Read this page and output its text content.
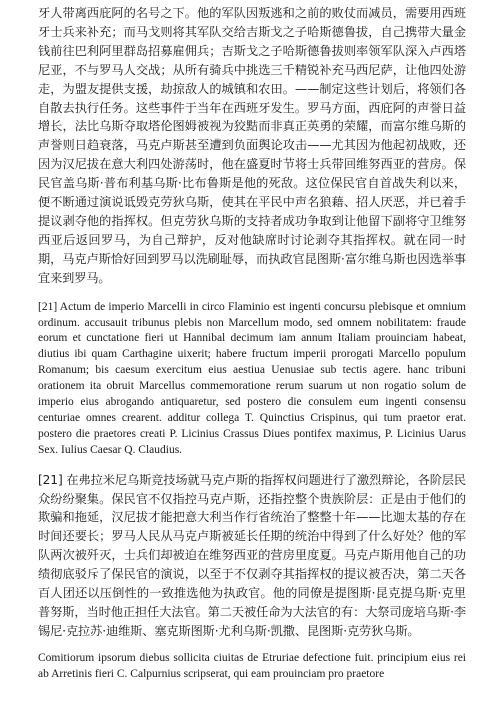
牙人带离西庇阿的名号之下。他的军队因叛逃和之前的败仗而减员，需要用西班牙士兵来补充；而马戈则将其军队交给吉斯戈之子哈斯德鲁拔，自己携带大量金钱前往巴利阿里群岛招募雇佣兵；吉斯戈之子哈斯德鲁拔则率领军队深入卢西塔尼亚，不与罗马人交战；从所有骑兵中挑选三千精锐补充马西尼萨，让他四处游走，为盟友提供支援，劫掠敌人的城镇和农田。——制定这些计划后，将领们各自散去执行任务。这些事件于当年在西班牙发生。罗马方面，西庇阿的声誉日益增长，法比乌斯夺取塔伦图姆被视为狡黠而非真正英勇的荣耀，而富尔维乌斯的声誉则日趋衰落，马克卢斯甚至遭到负面舆论攻击——尤其因为他起初战败，还因为汉尼拔在意大利四处游荡时，他在盛夏时节将士兵带回维努西亚的营房。保民官盖乌斯·普布利基乌斯·比布鲁斯是他的死敌。这位保民官自首战失利以来，便不断通过演说诋毁克劳狄乌斯，使其在平民中声名狼藉、招人厌恶，并已着手提议剥夺他的指挥权。但克劳狄乌斯的支持者成功争取到让他留下副将守卫维努西亚后返回罗马，为自己辩护，反对他缺席时讨论剥夺其指挥权。就在同一时期，马克卢斯恰好回到罗马以洗刷耻辱，而执政官昆图斯·富尔维乌斯也因选举事宜来到罗马。

[21] Actum de imperio Marcelli in circo Flaminio est ingenti concursu plebisque et omnium ordinum. accusauit tribunus plebis non Marcellum modo, sed omnem nobilitatem: fraude eorum et cunctatione fieri ut Hannibal decimum iam annum Italiam prouinciam habeat, diutius ibi quam Carthagine uixerit; habere fructum imperii prorogati Marcello populum Romanum; bis caesum exercitum eius aestiua Uenusiae sub tectis agere. hanc tribuni orationem ita obruit Marcellus commemoratione rerum suarum ut non rogatio solum de imperio eius abrogando antiquaretur, sed postero die consulem eum ingenti consensu centuriae omnes crearent. additur collega T. Quinctius Crispinus, qui tum praetor erat. postero die praetores creati P. Licinius Crassus Diues pontifex maximus, P. Licinius Uarus Sex. Iulius Caesar Q. Claudius.

[21] 在弗拉米尼乌斯竞技场就马克卢斯的指挥权问题进行了激烈辩论，各阶层民众纷纷聚集。保民官不仅指控马克卢斯，还指控整个贵族阶层：正是由于他们的欺骗和拖延，汉尼拔才能把意大利当作行省统治了整整十年——比迦太基的存在时间还要长；罗马人民从马克卢斯被延长任期的统治中得到了什么好处？他的军队两次被歼灭，士兵们却被迫在维努西亚的营房里度夏。马克卢斯用他自己的功绩彻底驳斥了保民官的演说，以至于不仅剥夺其指挥权的提议被否决，第二天各百人团还以压倒性的一致推选他为执政官。他的同僚是提图斯·昆克提乌斯·克里普努斯，当时他正担任大法官。第二天被任命为大法官的有：大祭司庞培乌斯·李锡尼·克拉苏·迪维斯、塞克斯图斯·尤利乌斯·凯撒、昆图斯·克劳狄乌斯。

Comitiorum ipsorum diebus sollicita ciuitas de Etruriae defectione fuit. principium eius rei ab Arretinis fieri C. Calpurnius scripserat, qui eam prouinciam pro praetore
